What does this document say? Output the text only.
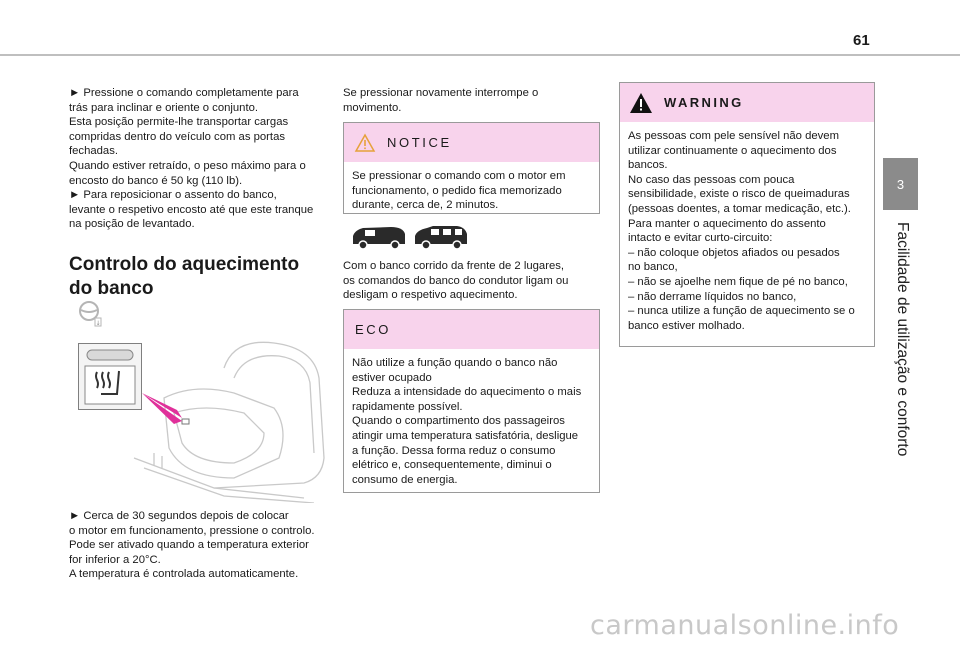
61
3
Facilidade de utilização e conforto

► Pressione o comando completamente para

trás para inclinar e oriente o conjunto.

Esta posição permite-lhe transportar cargas

compridas dentro do veículo com as portas

fechadas.

Quando estiver retraído, o peso máximo para o

encosto do banco é 50 kg (110 lb).

► Para reposicionar o assento do banco,

levante o respetivo encosto até que este tranque

na posição de levantado.

Controlo do aquecimento
do banco
↓

► Cerca de 30 segundos depois de colocar

o motor em funcionamento, pressione o controlo.

Pode ser ativado quando a temperatura exterior

for inferior a 20°C.

A temperatura é controlada automaticamente.

Se pressionar novamente interrompe o

movimento.

NOTICE

Se pressionar o comando com o motor em

funcionamento, o pedido fica memorizado

durante, cerca de, 2 minutos.

Com o banco corrido da frente de 2 lugares,

os comandos do banco do condutor ligam ou

desligam o respetivo aquecimento.

ECO

Não utilize a função quando o banco não

estiver ocupado

Reduza a intensidade do aquecimento o mais

rapidamente possível.

Quando o compartimento dos passageiros

atingir uma temperatura satisfatória, desligue

a função. Dessa forma reduz o consumo

elétrico e, consequentemente, diminui o

consumo de energia.

WARNING

As pessoas com pele sensível não devem

utilizar continuamente o aquecimento dos

bancos.

No caso das pessoas com pouca

sensibilidade, existe o risco de queimaduras

(pessoas doentes, a tomar medicação, etc.).

Para manter o aquecimento do assento

intacto e evitar curto-circuito:

– não coloque objetos afiados ou pesados

no banco,

– não se ajoelhe nem fique de pé no banco,

– não derrame líquidos no banco,

– nunca utilize a função de aquecimento se o

banco estiver molhado.

carmanualsonline.info
